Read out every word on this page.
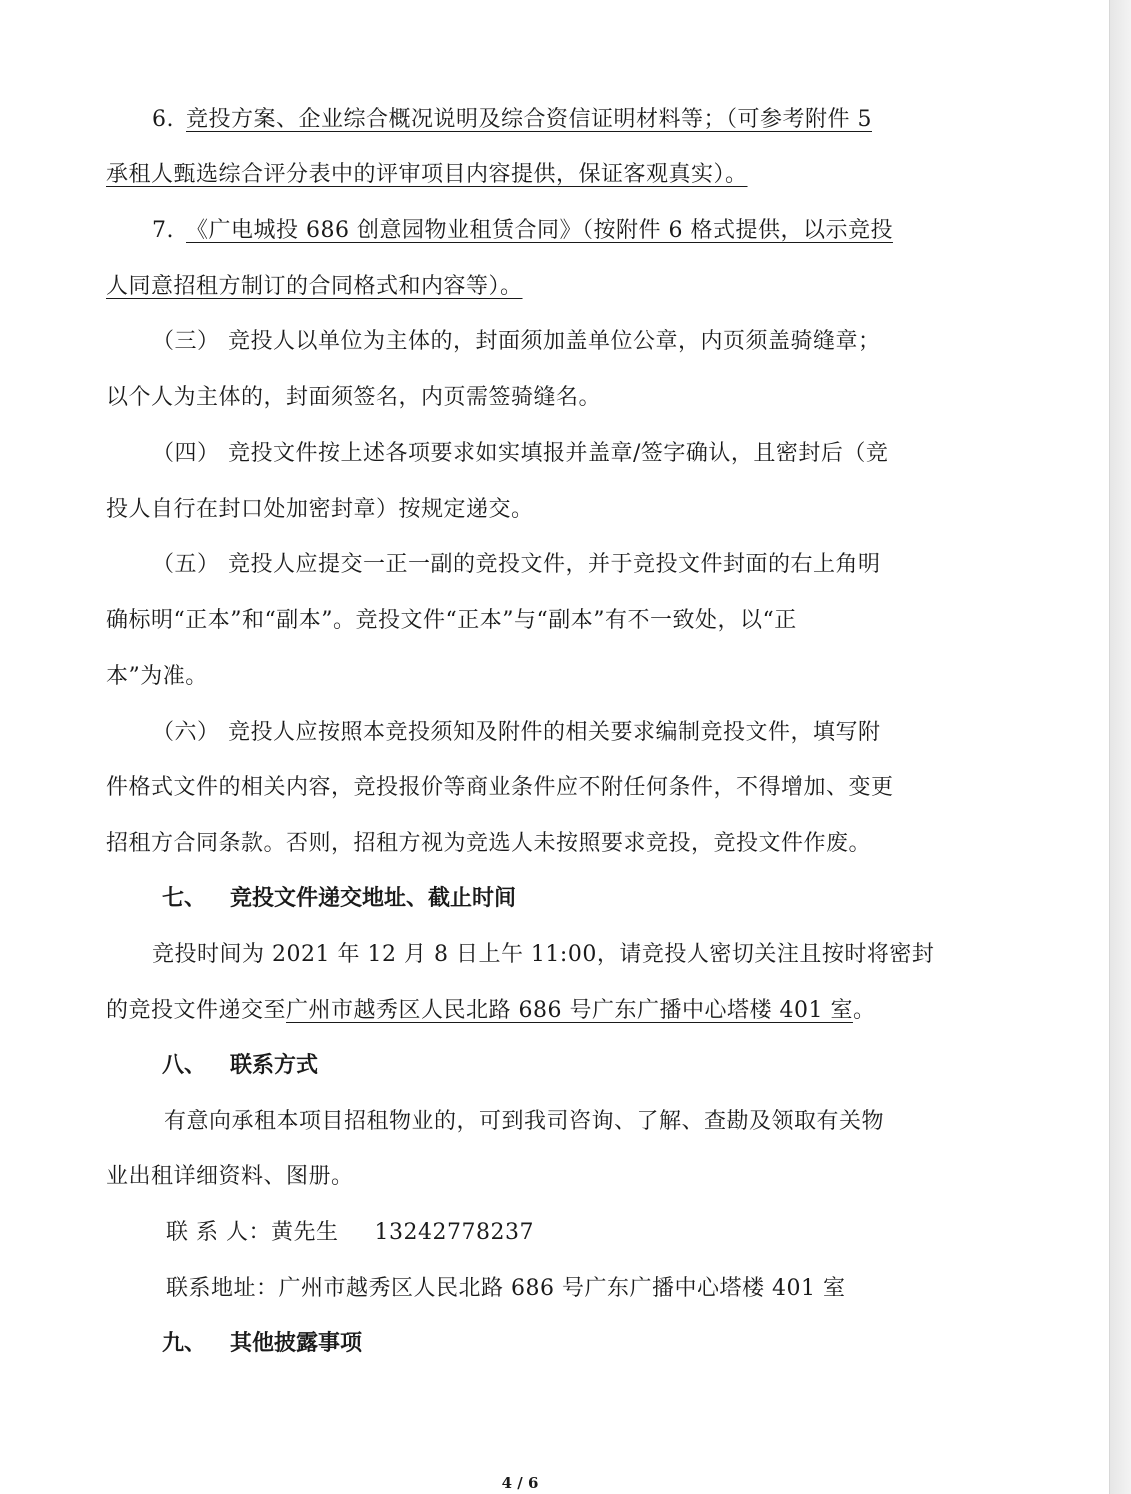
6. 竞投方案、企业综合概况说明及综合资信证明材料等；（可参考附件 5
承租人甄选综合评分表中的评审项目内容提供，保证客观真实）。
7. 《广电城投 686 创意园物业租赁合同》（按附件 6 格式提供，以示竞投
人同意招租方制订的合同格式和内容等）。
（三） 竞投人以单位为主体的，封面须加盖单位公章，内页须盖骑缝章；
以个人为主体的，封面须签名，内页需签骑缝名。
（四） 竞投文件按上述各项要求如实填报并盖章/签字确认，且密封后（竞
投人自行在封口处加密封章）按规定递交。
（五） 竞投人应提交一正一副的竞投文件，并于竞投文件封面的右上角明
确标明“正本”和“副本”。竞投文件“正本”与“副本”有不一致处，以“正
本”为准。
（六） 竞投人应按照本竞投须知及附件的相关要求编制竞投文件，填写附
件格式文件的相关内容，竞投报价等商业条件应不附任何条件，不得增加、变更
招租方合同条款。否则，招租方视为竞选人未按照要求竞投，竞投文件作废。
七、 竞投文件递交地址、截止时间
竞投时间为 2021 年 12 月 8 日上午 11:00，请竞投人密切关注且按时将密封
的竞投文件递交至广州市越秀区人民北路 686 号广东广播中心塔楼 401 室。
八、 联系方式
有意向承租本项目招租物业的，可到我司咨询、了解、查勘及领取有关物
业出租详细资料、图册。
联 系 人：黄先生 13242778237
联系地址：广州市越秀区人民北路 686 号广东广播中心塔楼 401 室
九、 其他披露事项
4 / 6
